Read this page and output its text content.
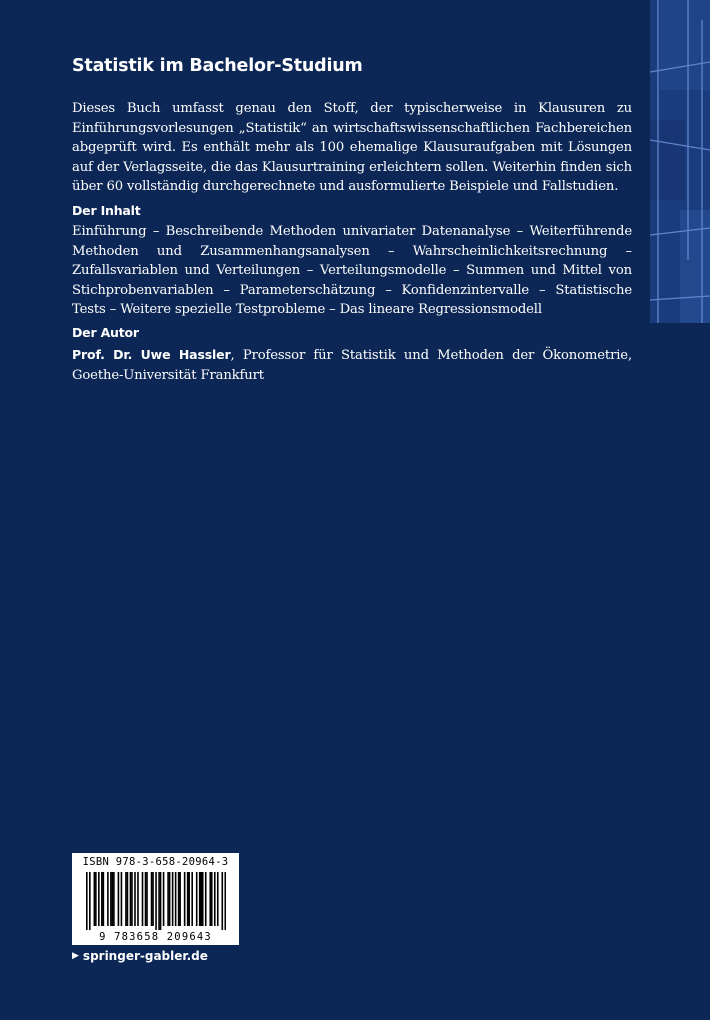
Statistik im Bachelor-Studium
Dieses Buch umfasst genau den Stoff, der typischerweise in Klausuren zu Einführungsvorlesungen „Statistik“ an wirtschaftswissenschaftlichen Fachbereichen abgeprüft wird. Es enthält mehr als 100 ehemalige Klausuraufgaben mit Lösungen auf der Verlagsseite, die das Klausurtraining erleichtern sollen. Weiterhin finden sich über 60 vollständig durchgerechnete und ausformulierte Beispiele und Fallstudien.
Der Inhalt
Einführung – Beschreibende Methoden univariater Datenanalyse – Weiterführende Methoden und Zusammenhangsanalysen – Wahrscheinlichkeitsrechnung – Zufallsvariablen und Verteilungen – Verteilungsmodelle – Summen und Mittel von Stichprobenvariablen – Parameterschätzung – Konfidenzintervalle – Statistische Tests – Weitere spezielle Testprobleme – Das lineare Regressionsmodell
Der Autor
Prof. Dr. Uwe Hassler, Professor für Statistik und Methoden der Ökonometrie, Goethe-Universität Frankfurt
ISBN 978-3-658-20964-3
9 783658 209643
▶ springer-gabler.de
